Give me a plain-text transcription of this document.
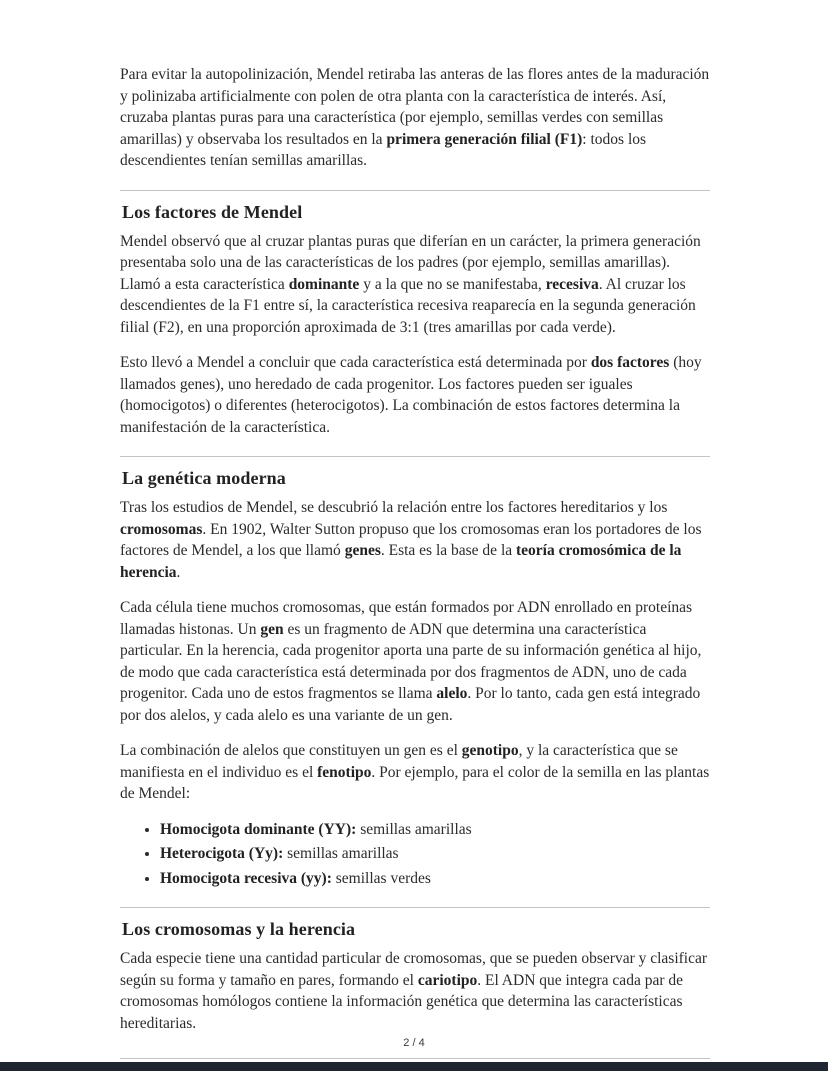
Para evitar la autopolinización, Mendel retiraba las anteras de las flores antes de la maduración y polinizaba artificialmente con polen de otra planta con la característica de interés. Así, cruzaba plantas puras para una característica (por ejemplo, semillas verdes con semillas amarillas) y observaba los resultados en la primera generación filial (F1): todos los descendientes tenían semillas amarillas.

Los factores de Mendel

Mendel observó que al cruzar plantas puras que diferían en un carácter, la primera generación presentaba solo una de las características de los padres (por ejemplo, semillas amarillas). Llamó a esta característica dominante y a la que no se manifestaba, recesiva. Al cruzar los descendientes de la F1 entre sí, la característica recesiva reaparecía en la segunda generación filial (F2), en una proporción aproximada de 3:1 (tres amarillas por cada verde).

Esto llevó a Mendel a concluir que cada característica está determinada por dos factores (hoy llamados genes), uno heredado de cada progenitor. Los factores pueden ser iguales (homocigotos) o diferentes (heterocigotos). La combinación de estos factores determina la manifestación de la característica.

La genética moderna

Tras los estudios de Mendel, se descubrió la relación entre los factores hereditarios y los cromosomas. En 1902, Walter Sutton propuso que los cromosomas eran los portadores de los factores de Mendel, a los que llamó genes. Esta es la base de la teoría cromosómica de la herencia.

Cada célula tiene muchos cromosomas, que están formados por ADN enrollado en proteínas llamadas histonas. Un gen es un fragmento de ADN que determina una característica particular. En la herencia, cada progenitor aporta una parte de su información genética al hijo, de modo que cada característica está determinada por dos fragmentos de ADN, uno de cada progenitor. Cada uno de estos fragmentos se llama alelo. Por lo tanto, cada gen está integrado por dos alelos, y cada alelo es una variante de un gen.

La combinación de alelos que constituyen un gen es el genotipo, y la característica que se manifiesta en el individuo es el fenotipo. Por ejemplo, para el color de la semilla en las plantas de Mendel:

• Homocigota dominante (YY): semillas amarillas
• Heterocigota (Yy): semillas amarillas
• Homocigota recesiva (yy): semillas verdes
Los cromosomas y la herencia

Cada especie tiene una cantidad particular de cromosomas, que se pueden observar y clasificar según su forma y tamaño en pares, formando el cariotipo. El ADN que integra cada par de cromosomas homólogos contiene la información genética que determina las características hereditarias.

2 / 4
